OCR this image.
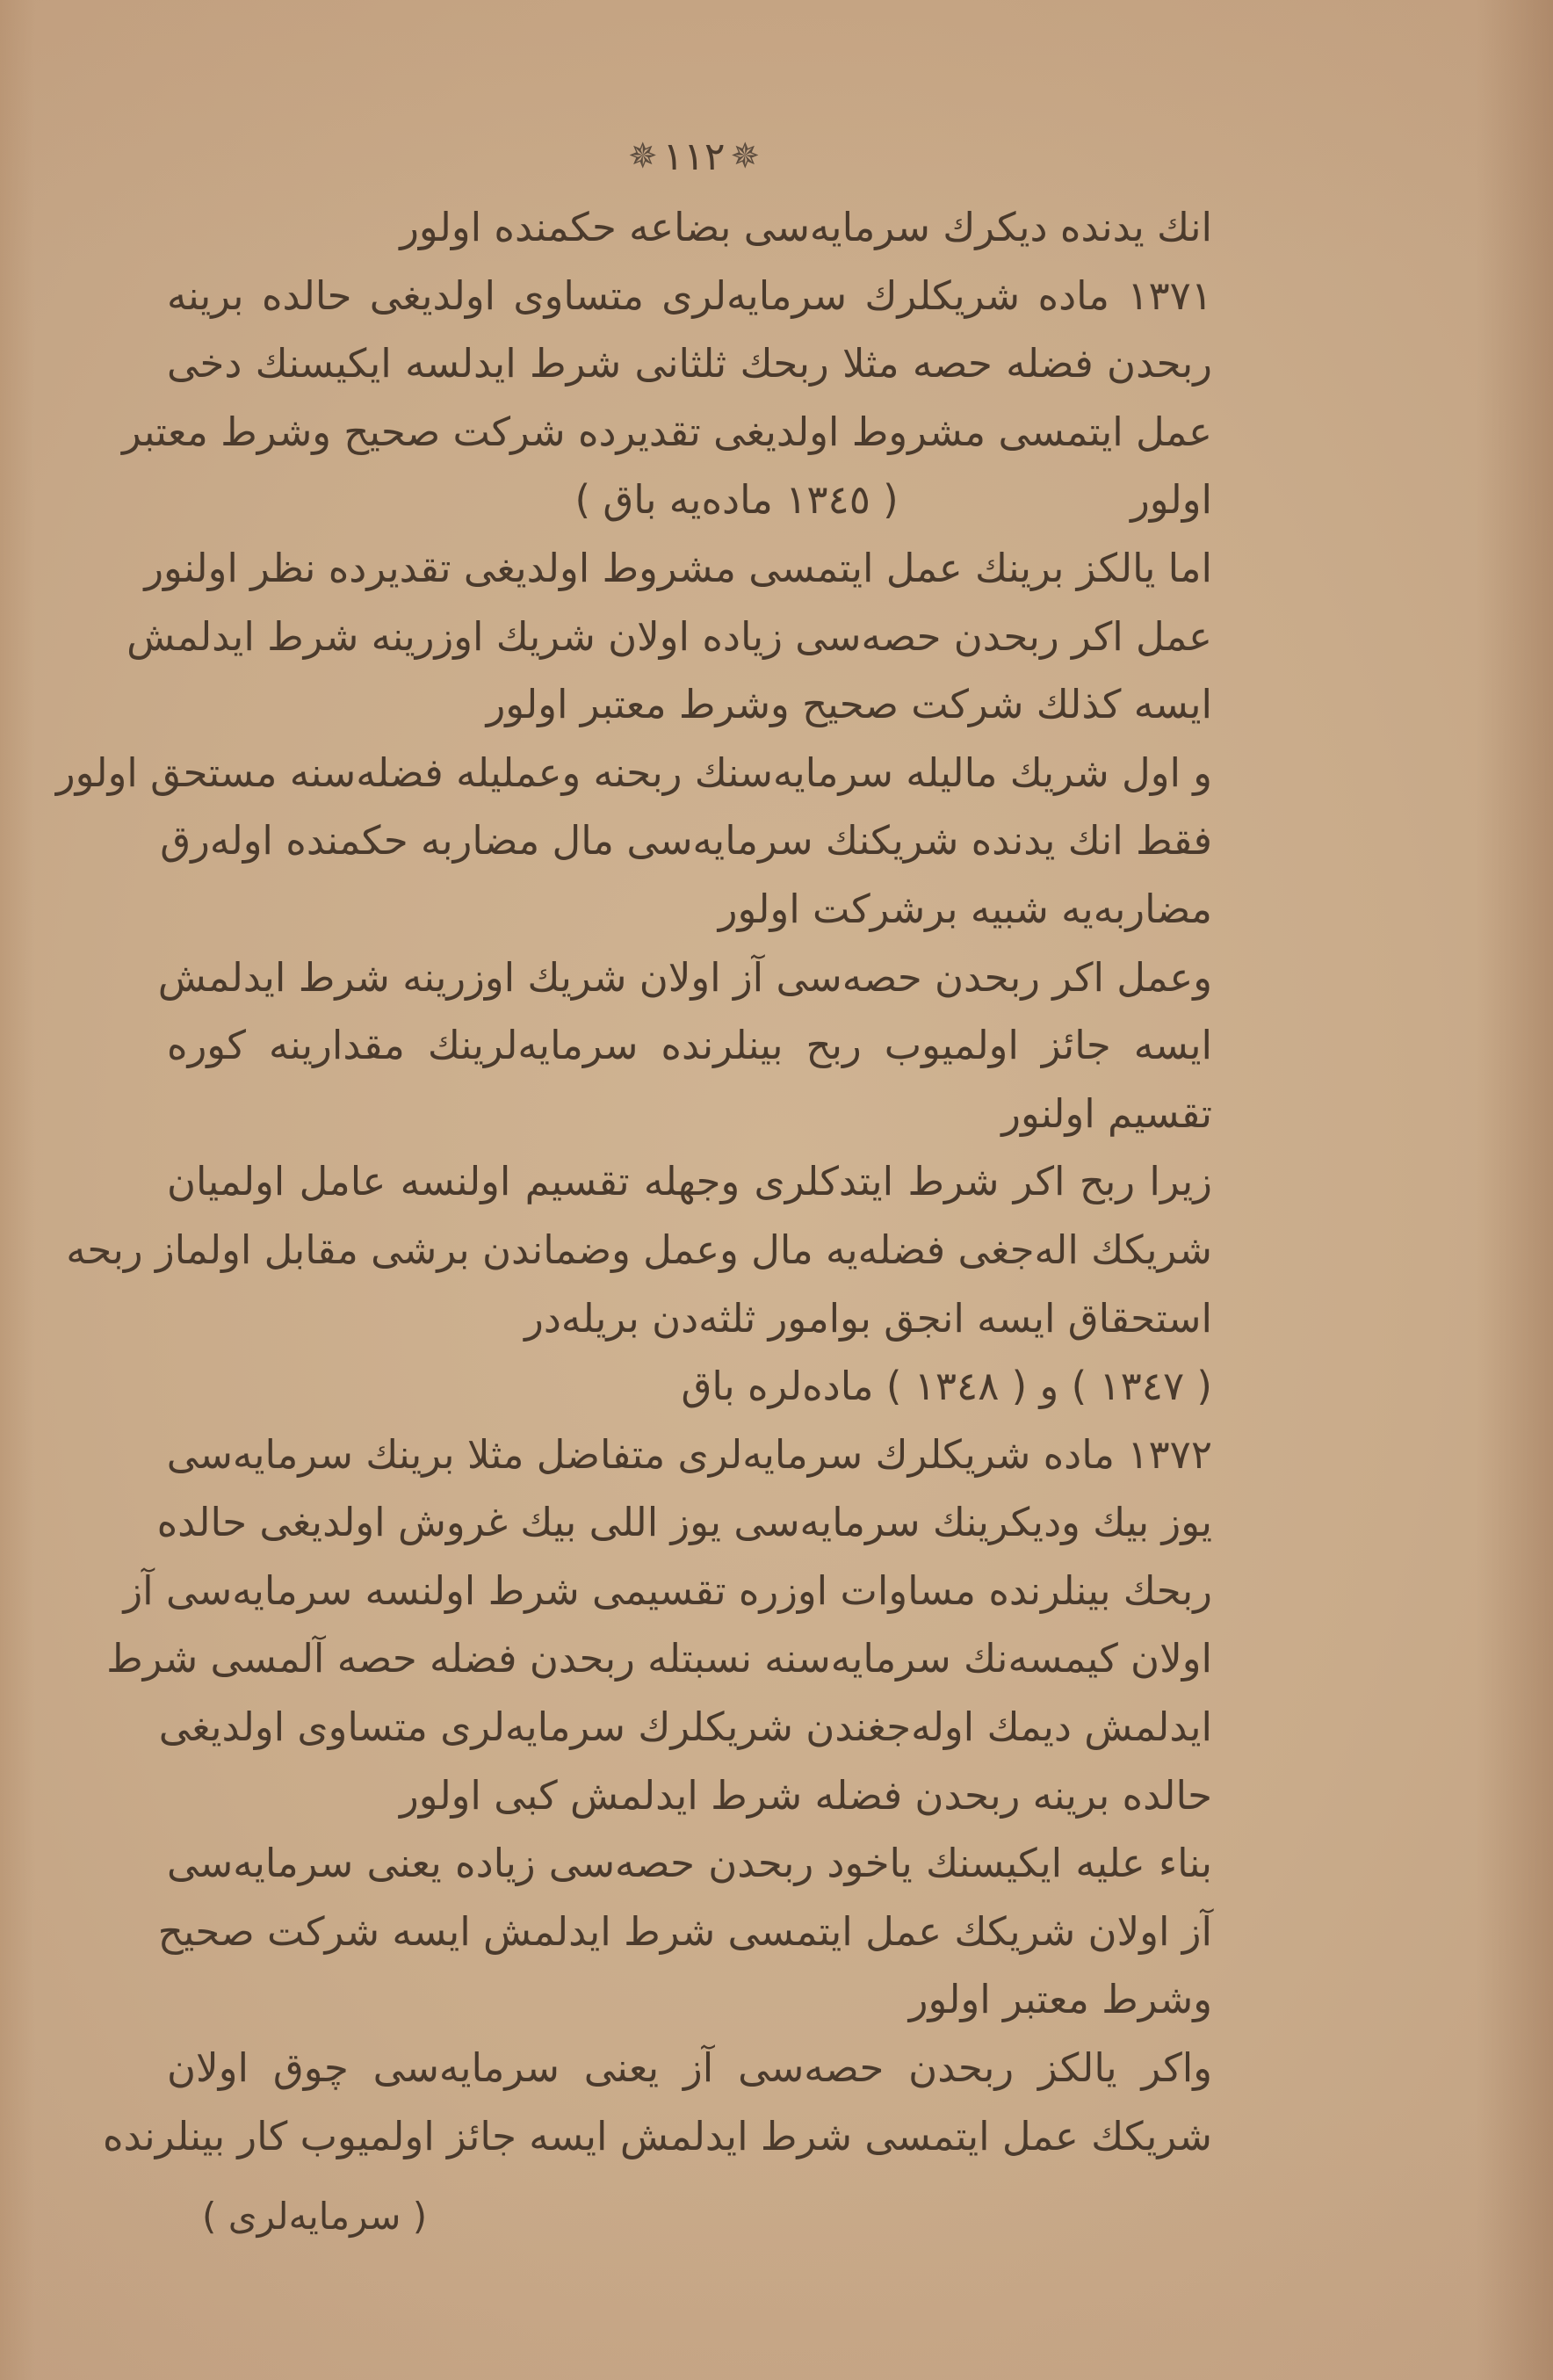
✵ ١١٢ ✵
انك يدنده ديكرك سرمايه‌سى بضاعه حكمنده اولور
١٣٧١ ماده شريكلرك سرمايه‌لرى متساوى اولديغى حالده برينه
ربحدن فضله حصه مثلا ربحك ثلثانى شرط ايدلسه ايكيسنك دخى
عمل ايتمسى مشروط اولديغى تقديرده شركت صحيح وشرط معتبر
اولور ( ١٣٤٥ ماده‌يه باق )
اما يالكز برينك عمل ايتمسى مشروط اولديغى تقديرده نظر اولنور
عمل اكر ربحدن حصه‌سى زياده اولان شريك اوزرينه شرط ايدلمش
ايسه كذلك شركت صحيح وشرط معتبر اولور
و اول شريك ماليله سرمايه‌سنك ربحنه وعمليله فضله‌سنه مستحق اولور
فقط انك يدنده شريكنك سرمايه‌سى مال مضاربه حكمنده اوله‌رق
مضاربه‌يه شبيه برشركت اولور
وعمل اكر ربحدن حصه‌سى آز اولان شريك اوزرينه شرط ايدلمش
ايسه جائز اولميوب ربح بينلرنده سرمايه‌لرينك مقدارينه كوره
تقسيم اولنور
زيرا ربح اكر شرط ايتدكلرى وجهله تقسيم اولنسه عامل اولميان
شريكك اله‌جغى فضله‌يه مال وعمل وضماندن برشى مقابل اولماز ربحه
استحقاق ايسه انجق بوامور ثلثه‌دن بريله‌در
( ١٣٤٧ ) و ( ١٣٤٨ ) ماده‌لره باق
١٣٧٢ ماده شريكلرك سرمايه‌لرى متفاضل مثلا برينك سرمايه‌سى
يوز بيك وديكرينك سرمايه‌سى يوز اللى بيك غروش اولديغى حالده
ربحك بينلرنده مساوات اوزره تقسيمى شرط اولنسه سرمايه‌سى آز
اولان كيمسه‌نك سرمايه‌سنه نسبتله ربحدن فضله حصه آلمسى شرط
ايدلمش ديمك اوله‌جغندن شريكلرك سرمايه‌لرى متساوى اولديغى
حالده برينه ربحدن فضله شرط ايدلمش كبى اولور
بناء عليه ايكيسنك ياخود ربحدن حصه‌سى زياده يعنى سرمايه‌سى
آز اولان شريكك عمل ايتمسى شرط ايدلمش ايسه شركت صحيح
وشرط معتبر اولور
واكر يالكز ربحدن حصه‌سى آز يعنى سرمايه‌سى چوق اولان
شريكك عمل ايتمسى شرط ايدلمش ايسه جائز اولميوب كار بينلرنده
( سرمايه‌لرى )
